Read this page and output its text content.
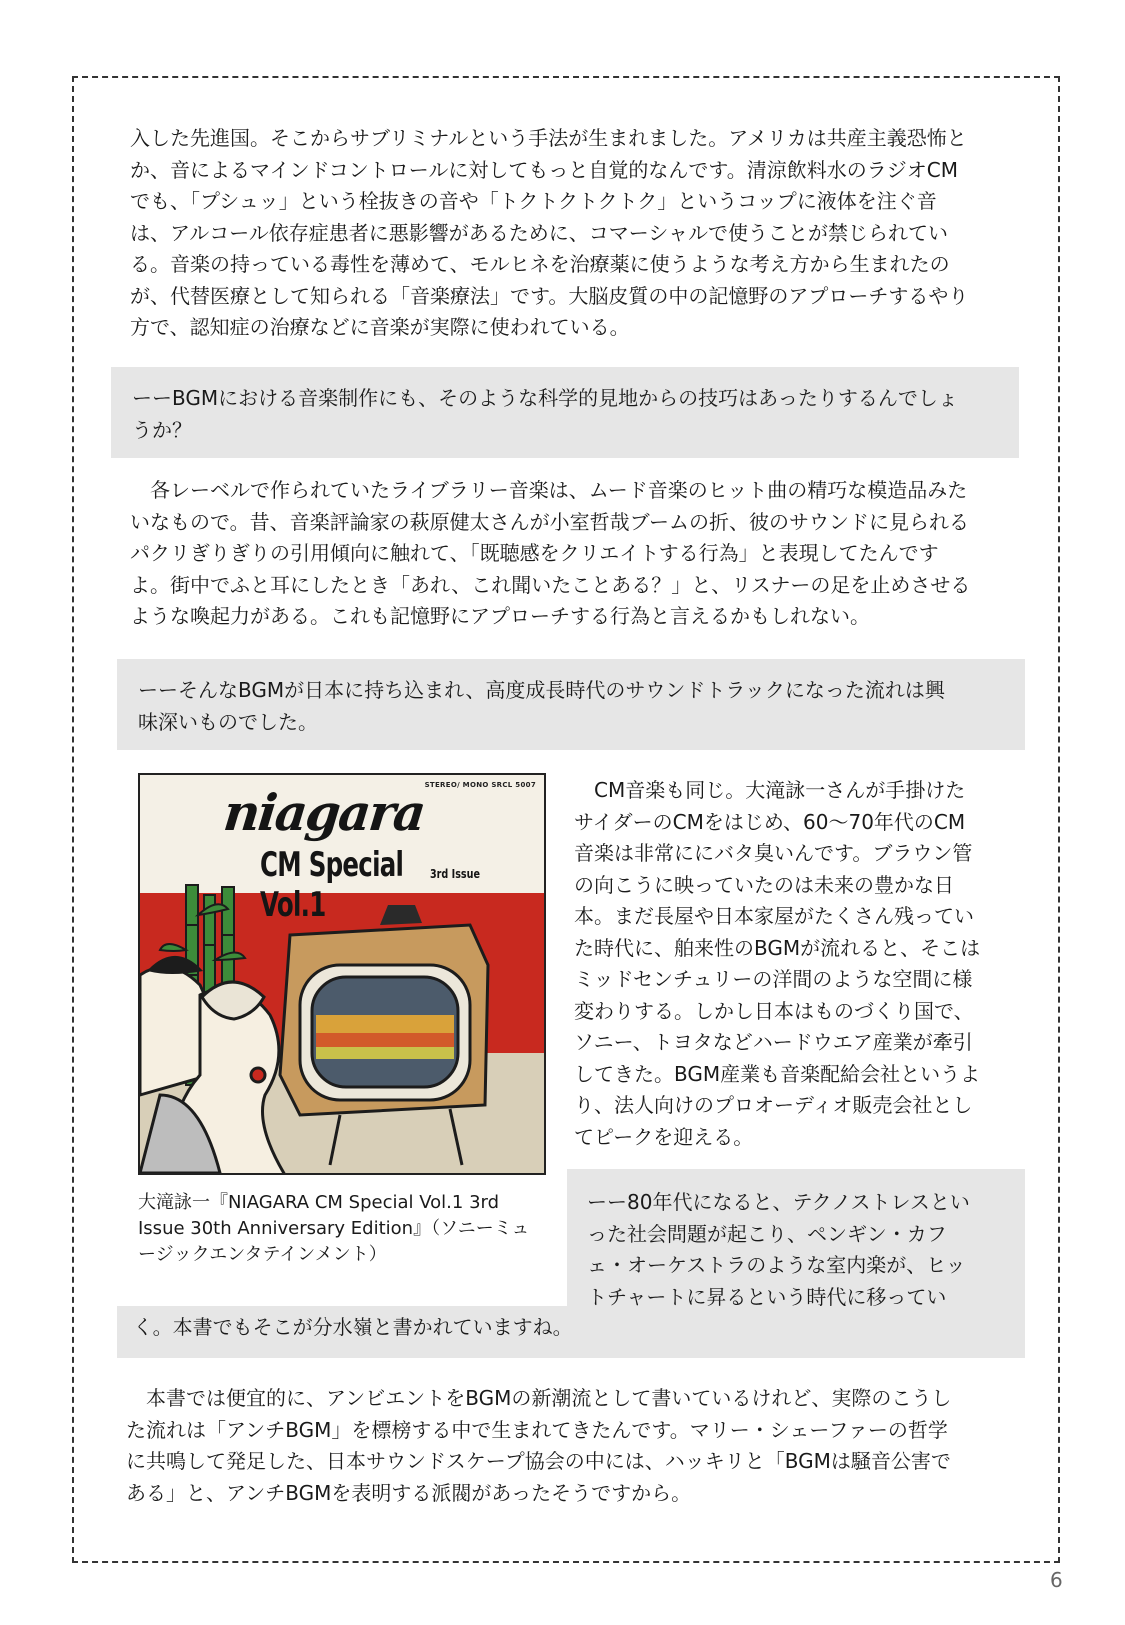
入した先進国。そこからサブリミナルという手法が生まれました。アメリカは共産主義恐怖と
か、音によるマインドコントロールに対してもっと自覚的なんです。清涼飲料水のラジオCM
でも、「プシュッ」という栓抜きの音や「トクトクトクトク」というコップに液体を注ぐ音
は、アルコール依存症患者に悪影響があるために、コマーシャルで使うことが禁じられてい
る。音楽の持っている毒性を薄めて、モルヒネを治療薬に使うような考え方から生まれたの
が、代替医療として知られる「音楽療法」です。大脳皮質の中の記憶野のアプローチするやり
方で、認知症の治療などに音楽が実際に使われている。
ーーBGMにおける音楽制作にも、そのような科学的見地からの技巧はあったりするんでしょ
うか？
　各レーベルで作られていたライブラリー音楽は、ムード音楽のヒット曲の精巧な模造品みた
いなもので。昔、音楽評論家の萩原健太さんが小室哲哉ブームの折、彼のサウンドに見られる
パクリぎりぎりの引用傾向に触れて、「既聴感をクリエイトする行為」と表現してたんです
よ。街中でふと耳にしたとき「あれ、これ聞いたことある？」と、リスナーの足を止めさせる
ような喚起力がある。これも記憶野にアプローチする行為と言えるかもしれない。
ーーそんなBGMが日本に持ち込まれ、高度成長時代のサウンドトラックになった流れは興
味深いものでした。
STEREO/ MONO SRCL 5007
niagara
CM Special Vol.1
3rd Issue
大滝詠一『NIAGARA CM Special Vol.1 3rd
Issue 30th Anniversary Edition』（ソニーミュ
ージックエンタテインメント）
　CM音楽も同じ。大滝詠一さんが手掛けた
サイダーのCMをはじめ、60〜70年代のCM
音楽は非常ににバタ臭いんです。ブラウン管
の向こうに映っていたのは未来の豊かな日
本。まだ長屋や日本家屋がたくさん残ってい
た時代に、舶来性のBGMが流れると、そこは
ミッドセンチュリーの洋間のような空間に様
変わりする。しかし日本はものづくり国で、
ソニー、トヨタなどハードウエア産業が牽引
してきた。BGM産業も音楽配給会社というよ
り、法人向けのプロオーディオ販売会社とし
てピークを迎える。
ーー80年代になると、テクノストレスとい
った社会問題が起こり、ペンギン・カフ
ェ・オーケストラのような室内楽が、ヒッ
トチャートに昇るという時代に移ってい
く。本書でもそこが分水嶺と書かれていますね。
　本書では便宜的に、アンビエントをBGMの新潮流として書いているけれど、実際のこうし
た流れは「アンチBGM」を標榜する中で生まれてきたんです。マリー・シェーファーの哲学
に共鳴して発足した、日本サウンドスケープ協会の中には、ハッキリと「BGMは騒音公害で
ある」と、アンチBGMを表明する派閥があったそうですから。
6
